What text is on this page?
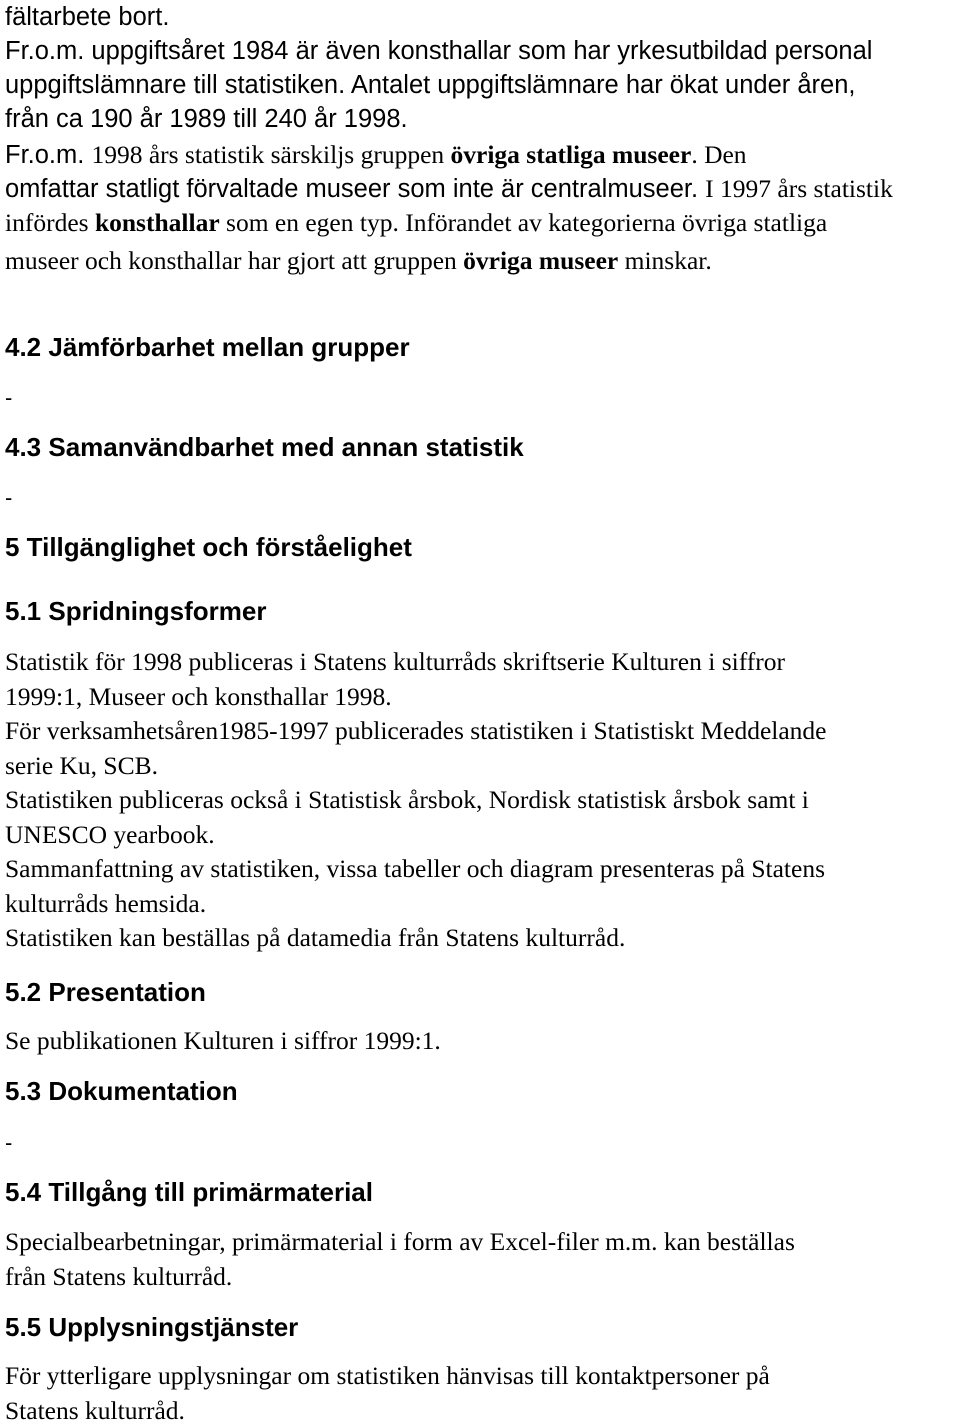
fältarbete bort.
Fr.o.m. uppgiftsåret 1984 är även konsthallar som har yrkesutbildad personal
uppgiftslämnare till statistiken. Antalet uppgiftslämnare har ökat under åren,
från ca 190 år 1989 till 240 år 1998.
Fr.o.m. 1998 års statistik särskiljs gruppen övriga statliga museer. Den
omfattar statligt förvaltade museer som inte är centralmuseer. I 1997 års statistik
infördes konsthallar som en egen typ. Införandet av kategorierna övriga statliga
museer och konsthallar har gjort att gruppen övriga museer minskar.
4.2 Jämförbarhet mellan grupper
-
4.3 Samanvändbarhet med annan statistik
-
5 Tillgänglighet och förståelighet
5.1 Spridningsformer
Statistik för 1998 publiceras i Statens kulturråds skriftserie Kulturen i siffror
1999:1, Museer och konsthallar 1998.
För verksamhetsåren1985-1997 publicerades statistiken i Statistiskt Meddelande
serie Ku, SCB.
Statistiken publiceras också i Statistisk årsbok, Nordisk statistisk årsbok samt i
UNESCO yearbook.
Sammanfattning av statistiken, vissa tabeller och diagram presenteras på Statens
kulturråds hemsida.
Statistiken kan beställas på datamedia från Statens kulturråd.
5.2 Presentation
Se publikationen Kulturen i siffror 1999:1.
5.3 Dokumentation
-
5.4 Tillgång till primärmaterial
Specialbearbetningar, primärmaterial i form av Excel-filer m.m. kan beställas
från Statens kulturråd.
5.5 Upplysningstjänster
För ytterligare upplysningar om statistiken hänvisas till kontaktpersoner på
Statens kulturråd.
